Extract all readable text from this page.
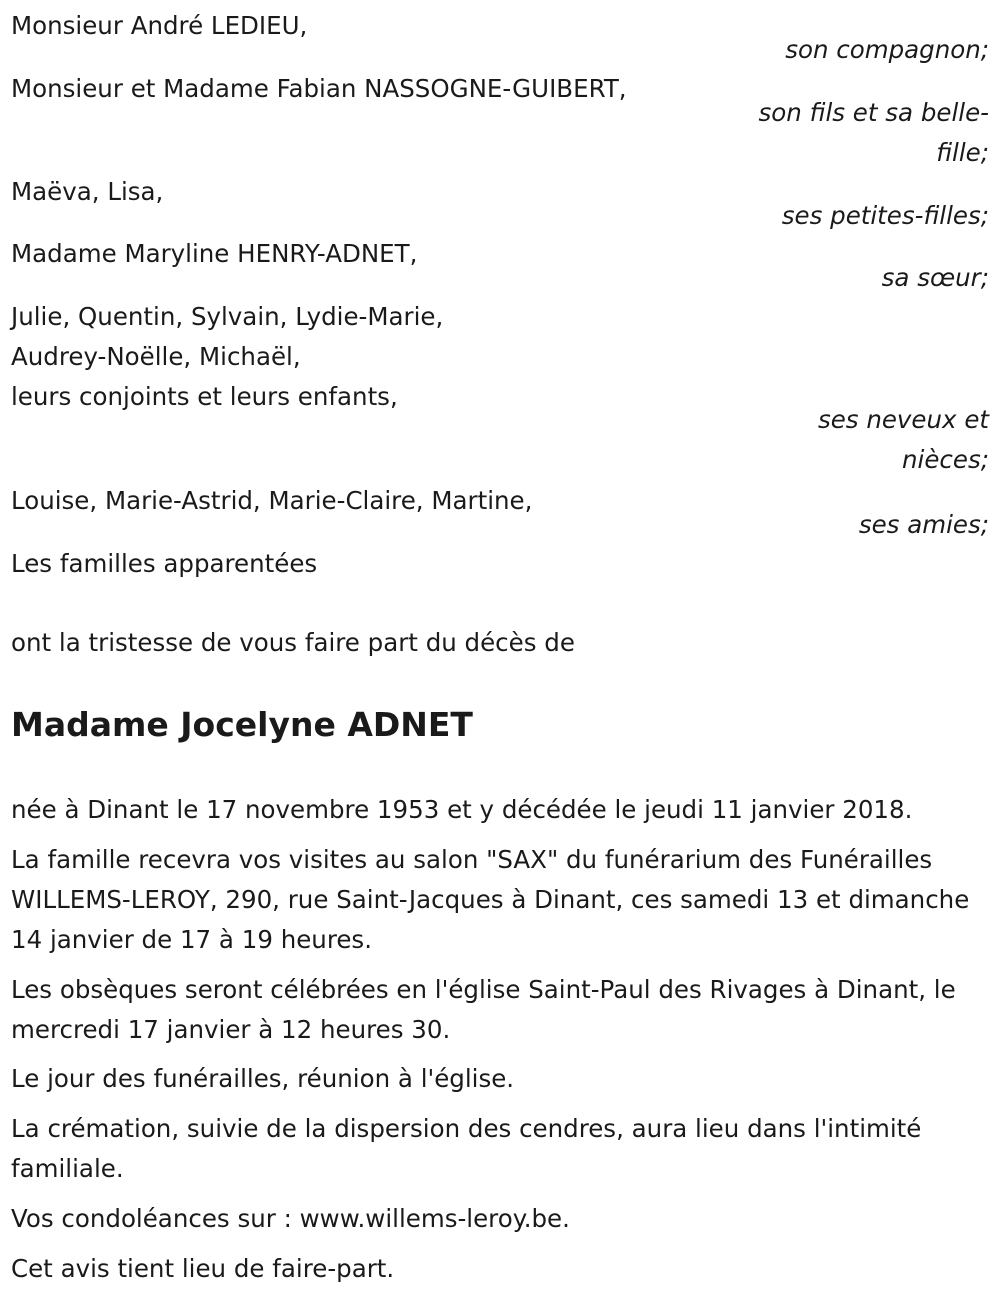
Monsieur André LEDIEU,

son compagnon;

Monsieur et Madame Fabian NASSOGNE-GUIBERT,

son fils et sa belle-fille;

Maëva, Lisa,

ses petites-filles;

Madame Maryline HENRY-ADNET,

sa sœur;

Julie, Quentin, Sylvain, Lydie-Marie,

Audrey-Noëlle, Michaël,

leurs conjoints et leurs enfants,

ses neveux et nièces;

Louise, Marie-Astrid, Marie-Claire, Martine,

ses amies;

Les familles apparentées

ont la tristesse de vous faire part du décès de

Madame Jocelyne ADNET

née à Dinant le 17 novembre 1953 et y décédée le jeudi 11 janvier 2018.

La famille recevra vos visites au salon "SAX" du funérarium des Funérailles WILLEMS-LEROY, 290, rue Saint-Jacques à Dinant, ces samedi 13 et dimanche 14 janvier de 17 à 19 heures.

Les obsèques seront célébrées en l'église Saint-Paul des Rivages à Dinant, le mercredi 17 janvier à 12 heures 30.

Le jour des funérailles, réunion à l'église.

La crémation, suivie de la dispersion des cendres, aura lieu dans l'intimité familiale.

Vos condoléances sur : www.willems-leroy.be.

Cet avis tient lieu de faire-part.
